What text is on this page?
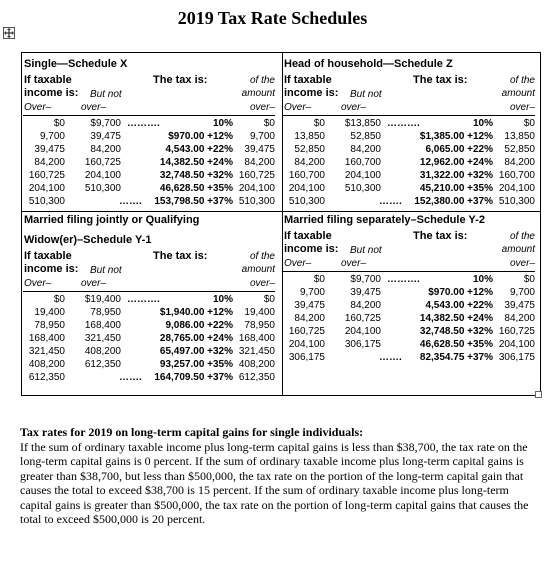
2019 Tax Rate Schedules
Single—Schedule X
If taxable	The tax is:	of the
income is: But not	amount
Over–	over–	over–
$0	$9,700 ……….	10%	$0
9,700	39,475	$970.00 + 12% 9,700
39,475	84,200	4,543.00 + 22% 39,475
84,200 160,725	14,382.50 + 24% 84,200
160,725 204,100	32,748.50 + 32% 160,725
204,100 510,300	46,628.50 + 35% 204,100
510,300	……. 153,798.50 + 37% 510,300
Head of household—Schedule Z
If taxable	The tax is:	of the
income is: But not	amount
Over–	over–	over–
$0 $13,850 ……….	10%	$0
13,850	52,850	$1,385.00 + 12% 13,850
52,850	84,200	6,065.00 + 22% 52,850
84,200 160,700	12,962.00 + 24% 84,200
160,700 204,100	31,322.00 + 32% 160,700
204,100 510,300	45,210.00 + 35% 204,100
510,300	……. 152,380.00 + 37% 510,300
Married filing jointly or Qualifying
Widow(er)–Schedule Y-1
If taxable	The tax is:	of the
income is: But not	amount
Over–	over–	over–
$0 $19,400 ……….	10%	$0
19,400	78,950	$1,940.00 + 12% 19,400
78,950 168,400	9,086.00 + 22% 78,950
168,400 321,450	28,765.00 + 24% 168,400
321,450 408,200	65,497.00 + 32% 321,450
408,200 612,350	93,257.00 + 35% 408,200
612,350	……. 164,709.50 + 37% 612,350
Married filing separately–Schedule Y-2
If taxable	The tax is:	of the
income is: But not	amount
Over–	over–	over–
$0	$9,700 ……….	10%	$0
9,700	39,475	$970.00 + 12% 9,700
39,475	84,200	4,543.00 + 22% 39,475
84,200 160,725	14,382.50 + 24% 84,200
160,725 204,100	32,748.50 + 32% 160,725
204,100 306,175	46,628.50 + 35% 204,100
306,175	……. 82,354.75 + 37% 306,175
Tax rates for 2019 on long-term capital gains for single individuals:
If the sum of ordinary taxable income plus long-term capital gains is less than $38,700, the tax rate on the long-term capital gains is 0 percent. If the sum of ordinary taxable income plus long-term capital gains is greater than $38,700, but less than $500,000, the tax rate on the portion of the long-term capital gain that causes the total to exceed $38,700 is 15 percent. If the sum of ordinary taxable income plus long-term capital gains is greater than $500,000, the tax rate on the portion of long-term capital gains that causes the total to exceed $500,000 is 20 percent.
